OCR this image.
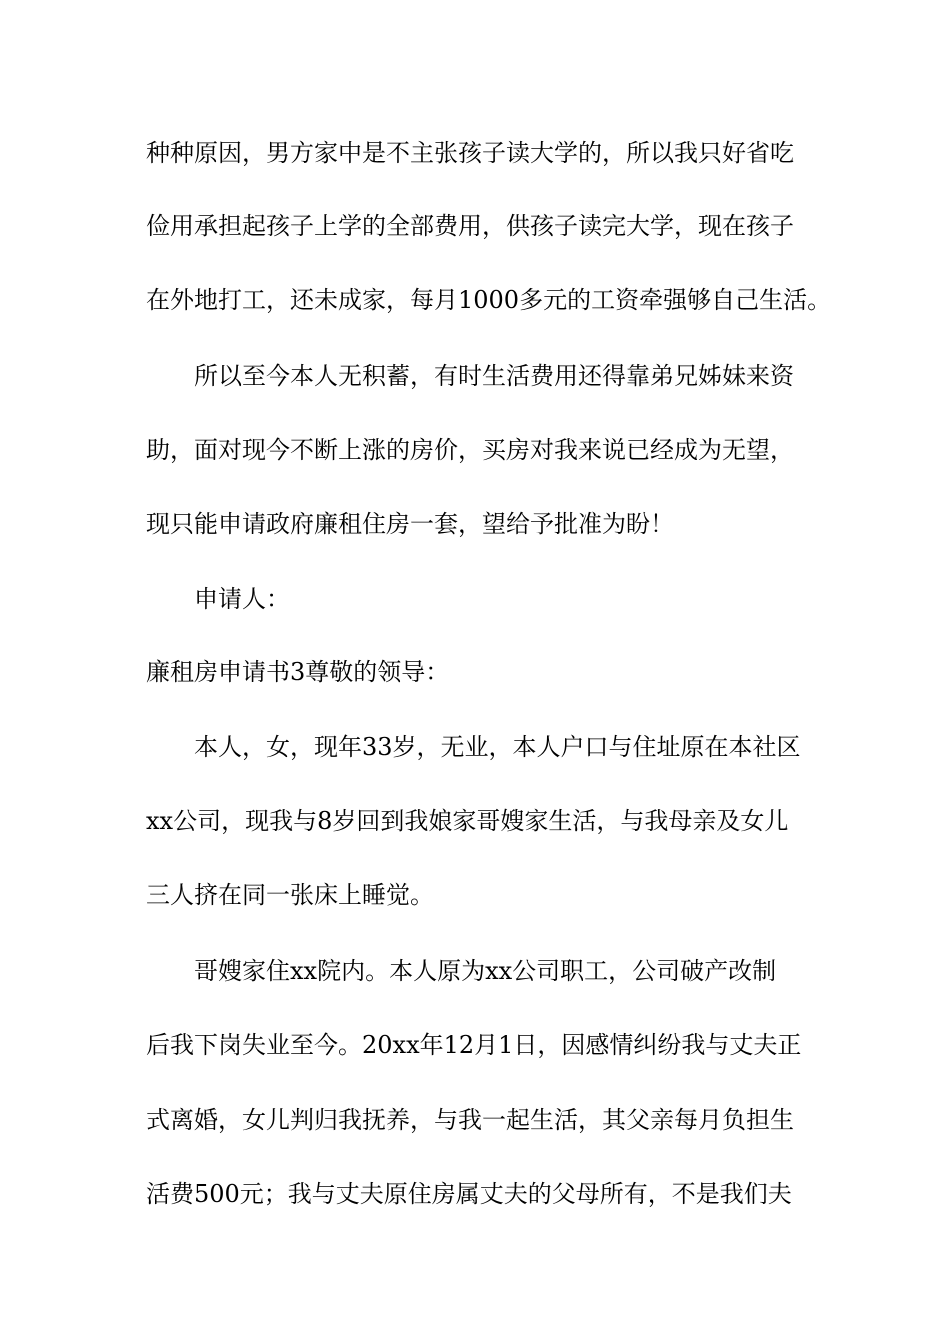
种种原因，男方家中是不主张孩子读大学的，所以我只好省吃
俭用承担起孩子上学的全部费用，供孩子读完大学，现在孩子
在外地打工，还未成家，每月1000多元的工资牵强够自己生活。
所以至今本人无积蓄，有时生活费用还得靠弟兄姊妹来资
助，面对现今不断上涨的房价，买房对我来说已经成为无望，
现只能申请政府廉租住房一套，望给予批准为盼！
申请人：
廉租房申请书3尊敬的领导：
本人，女，现年33岁，无业，本人户口与住址原在本社区
xx公司，现我与8岁回到我娘家哥嫂家生活，与我母亲及女儿
三人挤在同一张床上睡觉。
哥嫂家住xx院内。本人原为xx公司职工，公司破产改制
后我下岗失业至今。20xx年12月1日，因感情纠纷我与丈夫正
式离婚，女儿判归我抚养，与我一起生活，其父亲每月负担生
活费500元；我与丈夫原住房属丈夫的父母所有，不是我们夫
